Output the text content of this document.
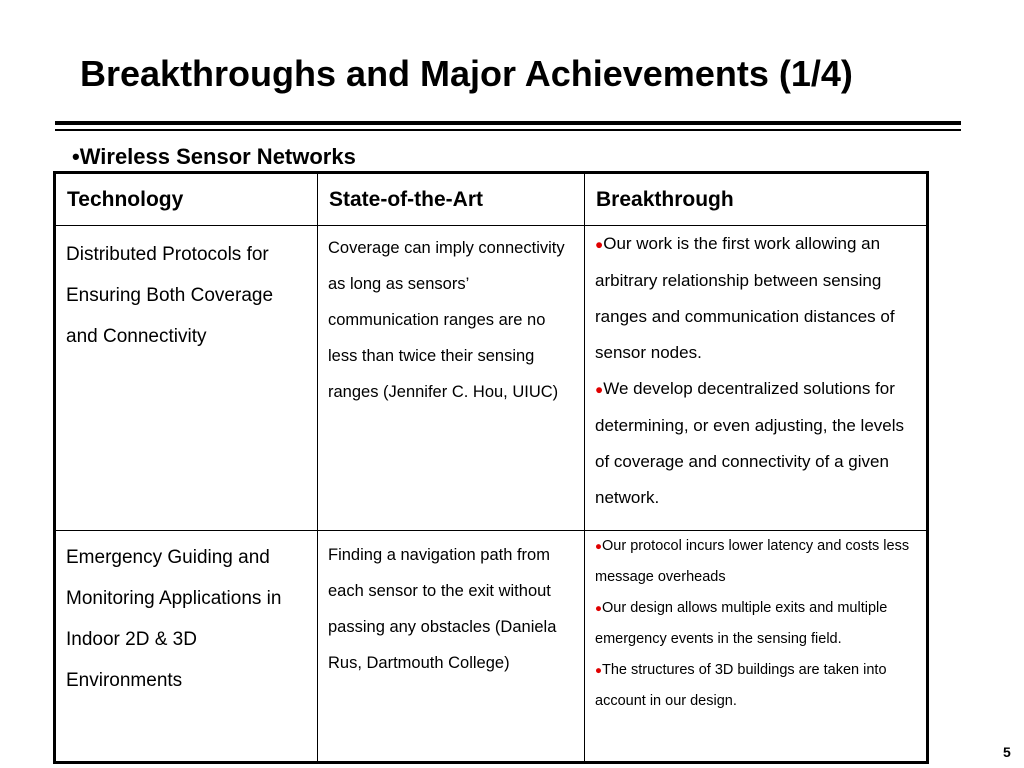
Breakthroughs and Major Achievements (1/4)
•Wireless Sensor Networks
Technology	State-of-the-Art	Breakthrough
Distributed Protocols for Ensuring Both Coverage and Connectivity	Coverage can imply connectivity as long as sensors’ communication ranges are no less than twice their sensing ranges (Jennifer C. Hou, UIUC)	●Our work is the first work allowing an arbitrary relationship between sensing ranges and communication distances of sensor nodes.
●We develop decentralized solutions for determining, or even adjusting, the levels of coverage and connectivity of a given network.

Emergency Guiding and Monitoring Applications in Indoor 2D & 3D Environments	Finding a navigation path from each sensor to the exit without passing any obstacles (Daniela Rus, Dartmouth College)	●Our protocol incurs lower latency and costs less message overheads
●Our design allows multiple exits and multiple emergency events in the sensing field.
●The structures of 3D buildings are taken into account in our design.
5
